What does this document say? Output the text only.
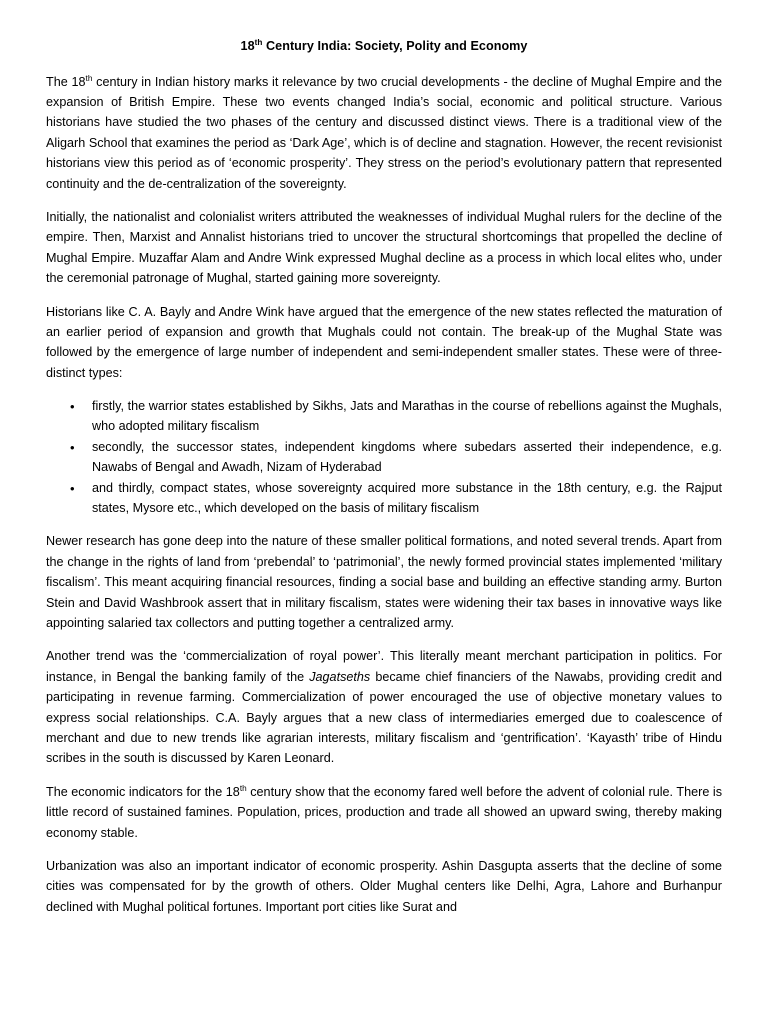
18th Century India: Society, Polity and Economy

The 18th century in Indian history marks it relevance by two crucial developments - the decline of Mughal Empire and the expansion of British Empire. These two events changed India’s social, economic and political structure. Various historians have studied the two phases of the century and discussed distinct views. There is a traditional view of the Aligarh School that examines the period as ‘Dark Age’, which is of decline and stagnation. However, the recent revisionist historians view this period as of ‘economic prosperity’. They stress on the period’s evolutionary pattern that represented continuity and the de-centralization of the sovereignty.

Initially, the nationalist and colonialist writers attributed the weaknesses of individual Mughal rulers for the decline of the empire. Then, Marxist and Annalist historians tried to uncover the structural shortcomings that propelled the decline of Mughal Empire. Muzaffar Alam and Andre Wink expressed Mughal decline as a process in which local elites who, under the ceremonial patronage of Mughal, started gaining more sovereignty.

Historians like C. A. Bayly and Andre Wink have argued that the emergence of the new states reflected the maturation of an earlier period of expansion and growth that Mughals could not contain. The break-up of the Mughal State was followed by the emergence of large number of independent and semi-independent smaller states. These were of three-distinct types:

• firstly, the warrior states established by Sikhs, Jats and Marathas in the course of rebellions against the Mughals, who adopted military fiscalism
• secondly, the successor states, independent kingdoms where subedars asserted their independence, e.g. Nawabs of Bengal and Awadh, Nizam of Hyderabad
• and thirdly, compact states, whose sovereignty acquired more substance in the 18th century, e.g. the Rajput states, Mysore etc., which developed on the basis of military fiscalism

Newer research has gone deep into the nature of these smaller political formations, and noted several trends. Apart from the change in the rights of land from ‘prebendal’ to ‘patrimonial’, the newly formed provincial states implemented ‘military fiscalism’. This meant acquiring financial resources, finding a social base and building an effective standing army. Burton Stein and David Washbrook assert that in military fiscalism, states were widening their tax bases in innovative ways like appointing salaried tax collectors and putting together a centralized army.

Another trend was the ‘commercialization of royal power’. This literally meant merchant participation in politics. For instance, in Bengal the banking family of the Jagatseths became chief financiers of the Nawabs, providing credit and participating in revenue farming. Commercialization of power encouraged the use of objective monetary values to express social relationships. C.A. Bayly argues that a new class of intermediaries emerged due to coalescence of merchant and due to new trends like agrarian interests, military fiscalism and ‘gentrification’. ‘Kayasth’ tribe of Hindu scribes in the south is discussed by Karen Leonard.

The economic indicators for the 18th century show that the economy fared well before the advent of colonial rule. There is little record of sustained famines. Population, prices, production and trade all showed an upward swing, thereby making economy stable.

Urbanization was also an important indicator of economic prosperity. Ashin Dasgupta asserts that the decline of some cities was compensated for by the growth of others. Older Mughal centers like Delhi, Agra, Lahore and Burhanpur declined with Mughal political fortunes. Important port cities like Surat and
